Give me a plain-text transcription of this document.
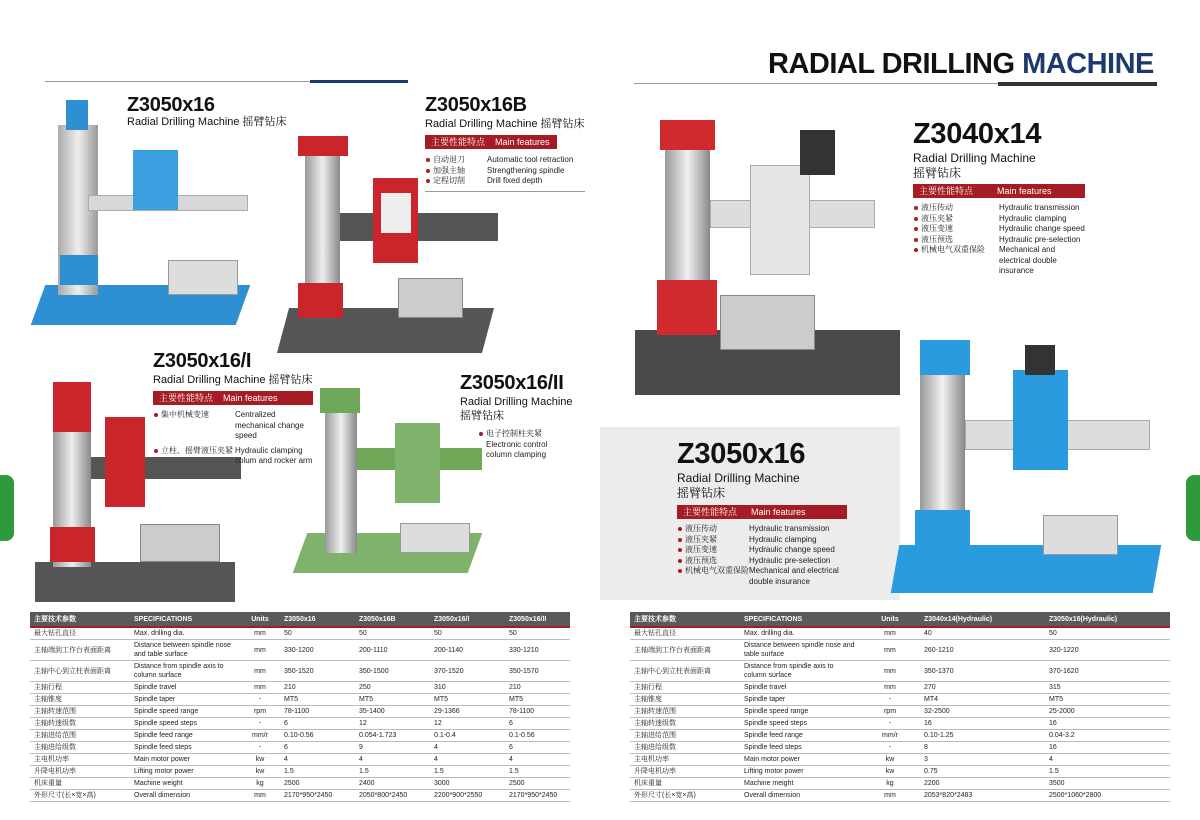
RADIAL DRILLING MACHINE
Z3050x16
Radial Drilling Machine 摇臂钻床
Z3050x16B
Radial Drilling Machine 摇臂钻床
主要性能特点 Main features
自动退刀	Automatic tool retraction
加强主轴	Strengthening spindle
定程切削	Drill fixed depth
Z3050x16/I
Radial Drilling Machine 摇臂钻床
主要性能特点 Main features
集中机械变速	Centralized mechanical change speed
立柱、摇臂液压夹紧 Hydraulic clamping colum and rocker arm
Z3050x16/II
Radial Drilling Machine
摇臂钻床
电子控制柱夹紧
Electronic control column clamping
Z3040x14
Radial Drilling Machine
摇臂钻床
主要性能特点	Main features
液压传动	Hydraulic transmission
液压夹紧	Hydraulic clamping
液压变速	Hydraulic change speed
液压预选	Hydraulic pre-selection
机械电气双重保险	Mechanical and electrical double insurance
Z3050x16
Radial Drilling Machine
摇臂钻床
主要性能特点 Main features
液压传动	Hydraulic transmission
液压夹紧	Hydraulic clamping
液压变速	Hydraulic change speed
液压预选	Hydraulic pre-selection
机械电气双重保险 Mechanical and electrical double insurance
主要技术参数	SPECIFICATIONS	Units	Z3050x16	Z3050x16B	Z3050x16/I	Z3050x16/II
最大钻孔直径	Max. drilling dia.	mm	50	50	50	50
主轴端到工作台表面距离	Distance between spindle nose and table surface	mm	330-1200	200-1110	200-1140	330-1210
主轴中心到立柱表面距离	Distance from spindle axis to column surface	mm	350-1520	350-1500	370-1520	350-1570
主轴行程	Spindle travel	mm	210	250	310	210
主轴锥度	Spindle taper	-	MT5	MT5	MT5	MT5
主轴转速范围	Spindle speed range	rpm	78-1100	35-1400	29-1366	78-1100
主轴转速级数	Spindle speed steps	-	6	12	12	6
主轴进给范围	Spindle feed range	mm/r	0.10-0.56	0.054-1.723	0.1-0.4	0.1-0.56
主轴进给级数	Spindle feed steps	-	6	9	4	6
主电机功率	Main motor power	kw	4	4	4	4
升降电机功率	Lifting motor power	kw	1.5	1.5	1.5	1.5
机床重量	Machine weight	kg	2500	2400	3000	2500
外形尺寸(长×宽×高)	Overall dimension	mm	2170*950*2450	2050*800*2450	2200*900*2550	2170*950*2450
主要技术参数	SPECIFICATIONS	Units	Z3040x14(Hydraulic)	Z3050x16(Hydraulic)
最大钻孔直径	Max. drilling dia.	mm	40	50
主轴端到工作台表面距离	Distance between spindle nose and table surface	mm	260-1210	320-1220
主轴中心到立柱表面距离	Distance from spindle axis to column surface	mm	350-1370	370-1620
主轴行程	Spindle travel	mm	270	315
主轴锥度	Spindle taper	-	MT4	MT5
主轴转速范围	Spindle speed range	rpm	32-2500	25-2000
主轴转速级数	Spindle speed steps	-	16	16
主轴进给范围	Spindle feed range	mm/r	0.10-1.25	0.04-3.2
主轴进给级数	Spindle feed steps	-	8	16
主电机功率	Main motor power	kw	3	4
升降电机功率	Lifting motor power	kw	0.75	1.5
机床重量	Machine meight	kg	2200	3500
外形尺寸(长×宽×高)	Overall dimension	mm	2053*820*2483	2500*1060*2800
